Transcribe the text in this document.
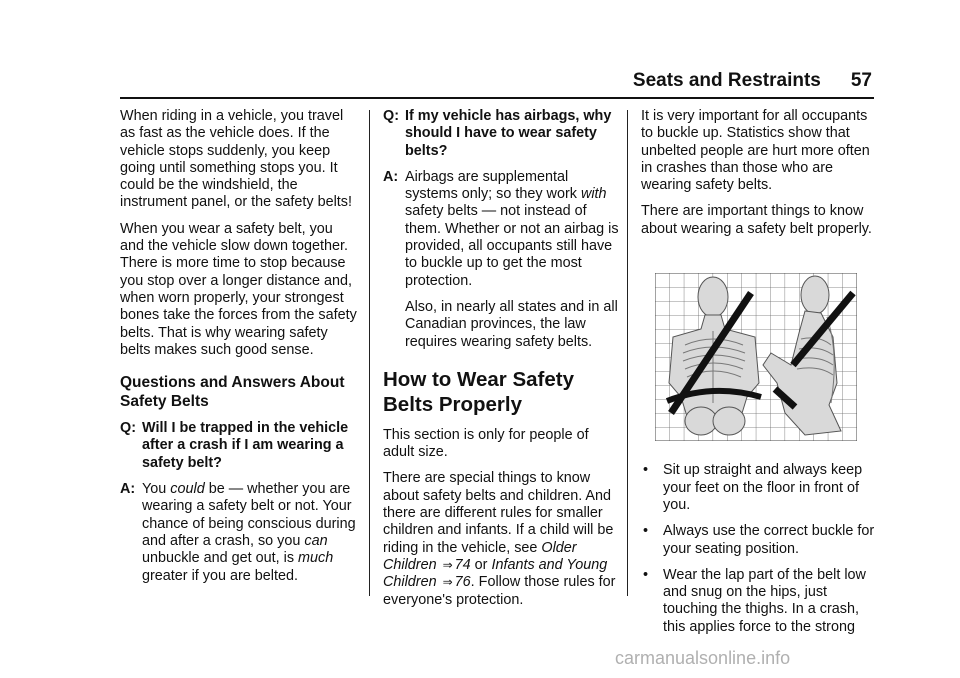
Seats and Restraints 57

When riding in a vehicle, you travel as fast as the vehicle does. If the vehicle stops suddenly, you keep going until something stops you. It could be the windshield, the instrument panel, or the safety belts!

When you wear a safety belt, you and the vehicle slow down together. There is more time to stop because you stop over a longer distance and, when worn properly, your strongest bones take the forces from the safety belts. That is why wearing safety belts makes such good sense.

Questions and Answers About Safety Belts
Q: Will I be trapped in the vehicle after a crash if I am wearing a safety belt?
A: You could be — whether you are wearing a safety belt or not. Your chance of being conscious during and after a crash, so you can unbuckle and get out, is much greater if you are belted.
Q: If my vehicle has airbags, why should I have to wear safety belts?
A: Airbags are supplemental systems only; so they work with safety belts — not instead of them. Whether or not an airbag is provided, all occupants still have to buckle up to get the most protection.

Also, in nearly all states and in all Canadian provinces, the law requires wearing safety belts.

How to Wear Safety Belts Properly

This section is only for people of adult size.

There are special things to know about safety belts and children. And there are different rules for smaller children and infants. If a child will be riding in the vehicle, see Older Children ⇒ 74 or Infants and Young Children ⇒ 76. Follow those rules for everyone's protection.

It is very important for all occupants to buckle up. Statistics show that unbelted people are hurt more often in crashes than those who are wearing safety belts.

There are important things to know about wearing a safety belt properly.

•	Sit up straight and always keep your feet on the floor in front of you.
•	Always use the correct buckle for your seating position.
•	Wear the lap part of the belt low and snug on the hips, just touching the thighs. In a crash, this applies force to the strong
carmanualsonline.info
